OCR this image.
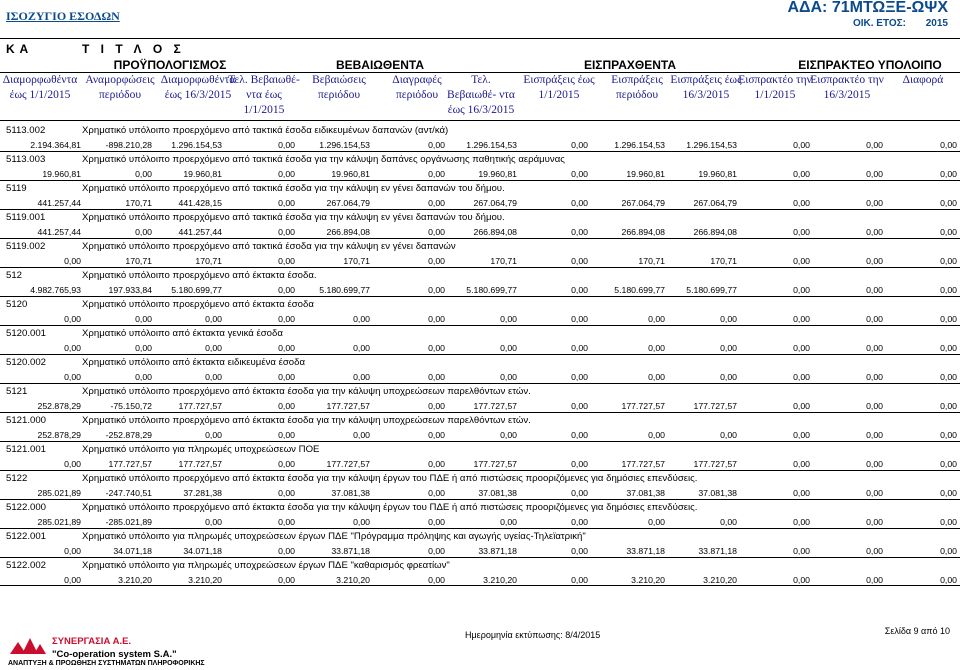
ΙΣΟΖΥΓΙΟ ΕΣΟΔΩΝ	ΑΔΑ: 71ΜΤΩΞΕ-ΩΨΧ
ΟΙΚ. ΕΤΟΣ: 2015
Κ Α	Τ Ι Τ Λ Ο Σ
ΠΡΟΫΠΟΛΟΓΙΣΜΟΣ	ΒΕΒΑΙΩΘΕΝΤΑ	ΕΙΣΠΡΑΧΘΕΝΤΑ	ΕΙΣΠΡΑΚΤΕΟ ΥΠΟΛΟΙΠΟ
Διαμορφωθέντα έως 1/1/2015
Αναμορφώσεις περιόδου
Διαμορφωθέντα έως 16/3/2015
Τελ. Βεβαιωθέ- ντα έως 1/1/2015
Βεβαιώσεις περιόδου
Διαγραφές περιόδου
Τελ. Βεβαιωθέ- ντα έως 16/3/2015
Εισπράξεις έως 1/1/2015
Εισπράξεις περιόδου
Εισπράξεις έως 16/3/2015
Εισπρακτέο την 1/1/2015
Εισπρακτέο την 16/3/2015
Διαφορά
5113.002	Χρηματικό υπόλοιπο προερχόμενο από τακτικά έσοδα ειδικευμένων δαπανών (αντ/κά)
2.194.364,81	-898.210,28	1.296.154,53	0,00	1.296.154,53	0,00	1.296.154,53	0,00	1.296.154,53	1.296.154,53	0,00	0,00	0,00
5113.003	Χρηματικό υπόλοιπο προερχόμενο από τακτικά έσοδα για την κάλυψη δαπάνες οργάνωσης παθητικής αεράμυνας
19.960,81	0,00	19.960,81	0,00	19.960,81	0,00	19.960,81	0,00	19.960,81	19.960,81	0,00	0,00	0,00
5119	Χρηματικό υπόλοιπο προερχόμενο από τακτικά έσοδα για την κάλυψη εν γένει δαπανών του δήμου.
441.257,44	170,71	441.428,15	0,00	267.064,79	0,00	267.064,79	0,00	267.064,79	267.064,79	0,00	0,00	0,00
5119.001	Χρηματικό υπόλοιπο προερχόμενο από τακτικά έσοδα για την κάλυψη εν γένει δαπανών του δήμου.
441.257,44	0,00	441.257,44	0,00	266.894,08	0,00	266.894,08	0,00	266.894,08	266.894,08	0,00	0,00	0,00
5119.002	Χρηματικό υπόλοιπο προερχόμενο από τακτικά έσοδα για την κάλυψη εν γένει δαπανών
0,00	170,71	170,71	0,00	170,71	0,00	170,71	0,00	170,71	170,71	0,00	0,00	0,00
512	Χρηματικό υπόλοιπο προερχόμενο από έκτακτα έσοδα.
4.982.765,93	197.933,84	5.180.699,77	0,00	5.180.699,77	0,00	5.180.699,77	0,00	5.180.699,77	5.180.699,77	0,00	0,00	0,00
5120	Χρηματικό υπόλοιπο προερχόμενο από έκτακτα έσοδα
0,00	0,00	0,00	0,00	0,00	0,00	0,00	0,00	0,00	0,00	0,00	0,00	0,00
5120.001	Χρηματικό υπόλοιπο από έκτακτα γενικά έσοδα
0,00	0,00	0,00	0,00	0,00	0,00	0,00	0,00	0,00	0,00	0,00	0,00	0,00
5120.002	Χρηματικό υπόλοιπο από έκτακτα ειδικευμένα έσοδα
0,00	0,00	0,00	0,00	0,00	0,00	0,00	0,00	0,00	0,00	0,00	0,00	0,00
5121	Χρηματικό υπόλοιπο προερχόμενο από έκτακτα έσοδα για την κάλυψη υποχρεώσεων παρελθόντων ετών.
252.878,29	-75.150,72	177.727,57	0,00	177.727,57	0,00	177.727,57	0,00	177.727,57	177.727,57	0,00	0,00	0,00
5121.000	Χρηματικό υπόλοιπο προερχόμενο από έκτακτα έσοδα για την κάλυψη υποχρεώσεων παρελθόντων ετών.
252.878,29	-252.878,29	0,00	0,00	0,00	0,00	0,00	0,00	0,00	0,00	0,00	0,00	0,00
5121.001	Χρηματικό υπόλοιπο για πληρωμές υποχρεώσεων ΠΟΕ
0,00	177.727,57	177.727,57	0,00	177.727,57	0,00	177.727,57	0,00	177.727,57	177.727,57	0,00	0,00	0,00
5122	Χρηματικό υπόλοιπο προερχόμενο από έκτακτα έσοδα για την κάλυψη έργων του ΠΔΕ ή από πιστώσεις προοριζόμενες για δημόσιες επενδύσεις.
285.021,89	-247.740,51	37.281,38	0,00	37.081,38	0,00	37.081,38	0,00	37.081,38	37.081,38	0,00	0,00	0,00
5122.000	Χρηματικό υπόλοιπο προερχόμενο από έκτακτα έσοδα για την κάλυψη έργων του ΠΔΕ ή από πιστώσεις προοριζόμενες για δημόσιες επενδύσεις.
285.021,89	-285.021,89	0,00	0,00	0,00	0,00	0,00	0,00	0,00	0,00	0,00	0,00	0,00
5122.001	Χρηματικό υπόλοιπο για πληρωμές υποχρεώσεων έργων ΠΔΕ "Πρόγραμμα πρόληψης και αγωγής υγείας-Τηλεϊατρική"
0,00	34.071,18	34.071,18	0,00	33.871,18	0,00	33.871,18	0,00	33.871,18	33.871,18	0,00	0,00	0,00
5122.002	Χρηματικό υπόλοιπο για πληρωμές υποχρεώσεων έργων ΠΔΕ "καθαρισμός φρεατίων"
0,00	3.210,20	3.210,20	0,00	3.210,20	0,00	3.210,20	0,00	3.210,20	3.210,20	0,00	0,00	0,00
ΣΥΝΕΡΓΑΣΙΑ Α.Ε.
"Co-operation system S.A."
ΑΝΑΠΤΥΞΗ & ΠΡΟΩΘΗΣΗ ΣΥΣΤΗΜΑΤΩΝ ΠΛΗΡΟΦΟΡΙΚΗΣ
Ημερομηνία εκτύπωσης: 8/4/2015	Σελίδα 9 από 10
